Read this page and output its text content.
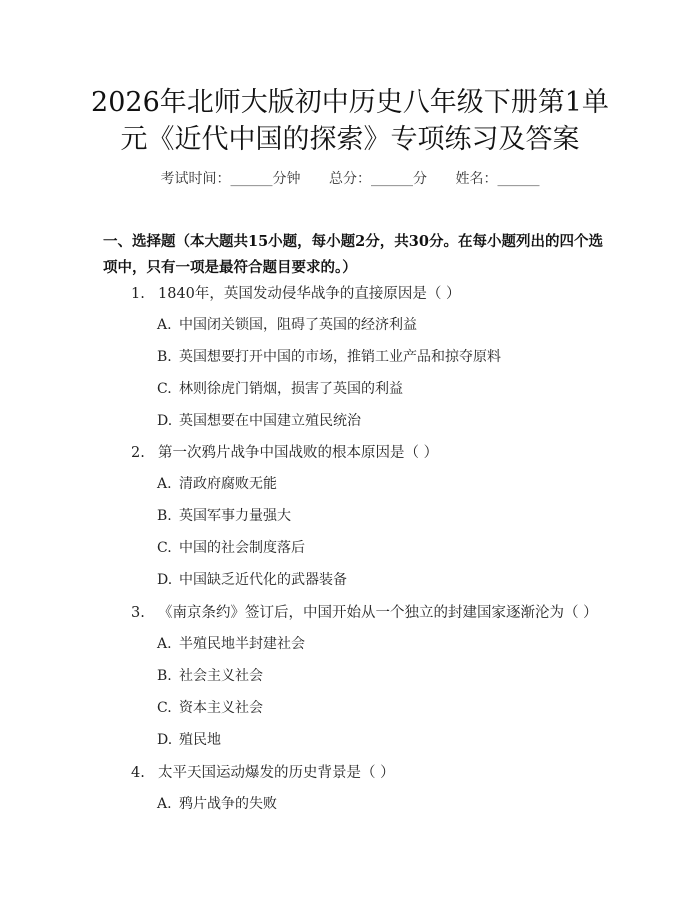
2026年北师大版初中历史八年级下册第1单
元《近代中国的探索》专项练习及答案
考试时间：______分钟 总分：______分 姓名：______
一、选择题（本大题共15小题，每小题2分，共30分。在每小题列出的四个选项中，只有一项是最符合题目要求的。）
1. 1840年，英国发动侵华战争的直接原因是（ ）
A. 中国闭关锁国，阻碍了英国的经济利益
B. 英国想要打开中国的市场，推销工业产品和掠夺原料
C. 林则徐虎门销烟，损害了英国的利益
D. 英国想要在中国建立殖民统治
2. 第一次鸦片战争中国战败的根本原因是（ ）
A. 清政府腐败无能
B. 英国军事力量强大
C. 中国的社会制度落后
D. 中国缺乏近代化的武器装备
3. 《南京条约》签订后，中国开始从一个独立的封建国家逐渐沦为（ ）
A. 半殖民地半封建社会
B. 社会主义社会
C. 资本主义社会
D. 殖民地
4. 太平天国运动爆发的历史背景是（ ）
A. 鸦片战争的失败
